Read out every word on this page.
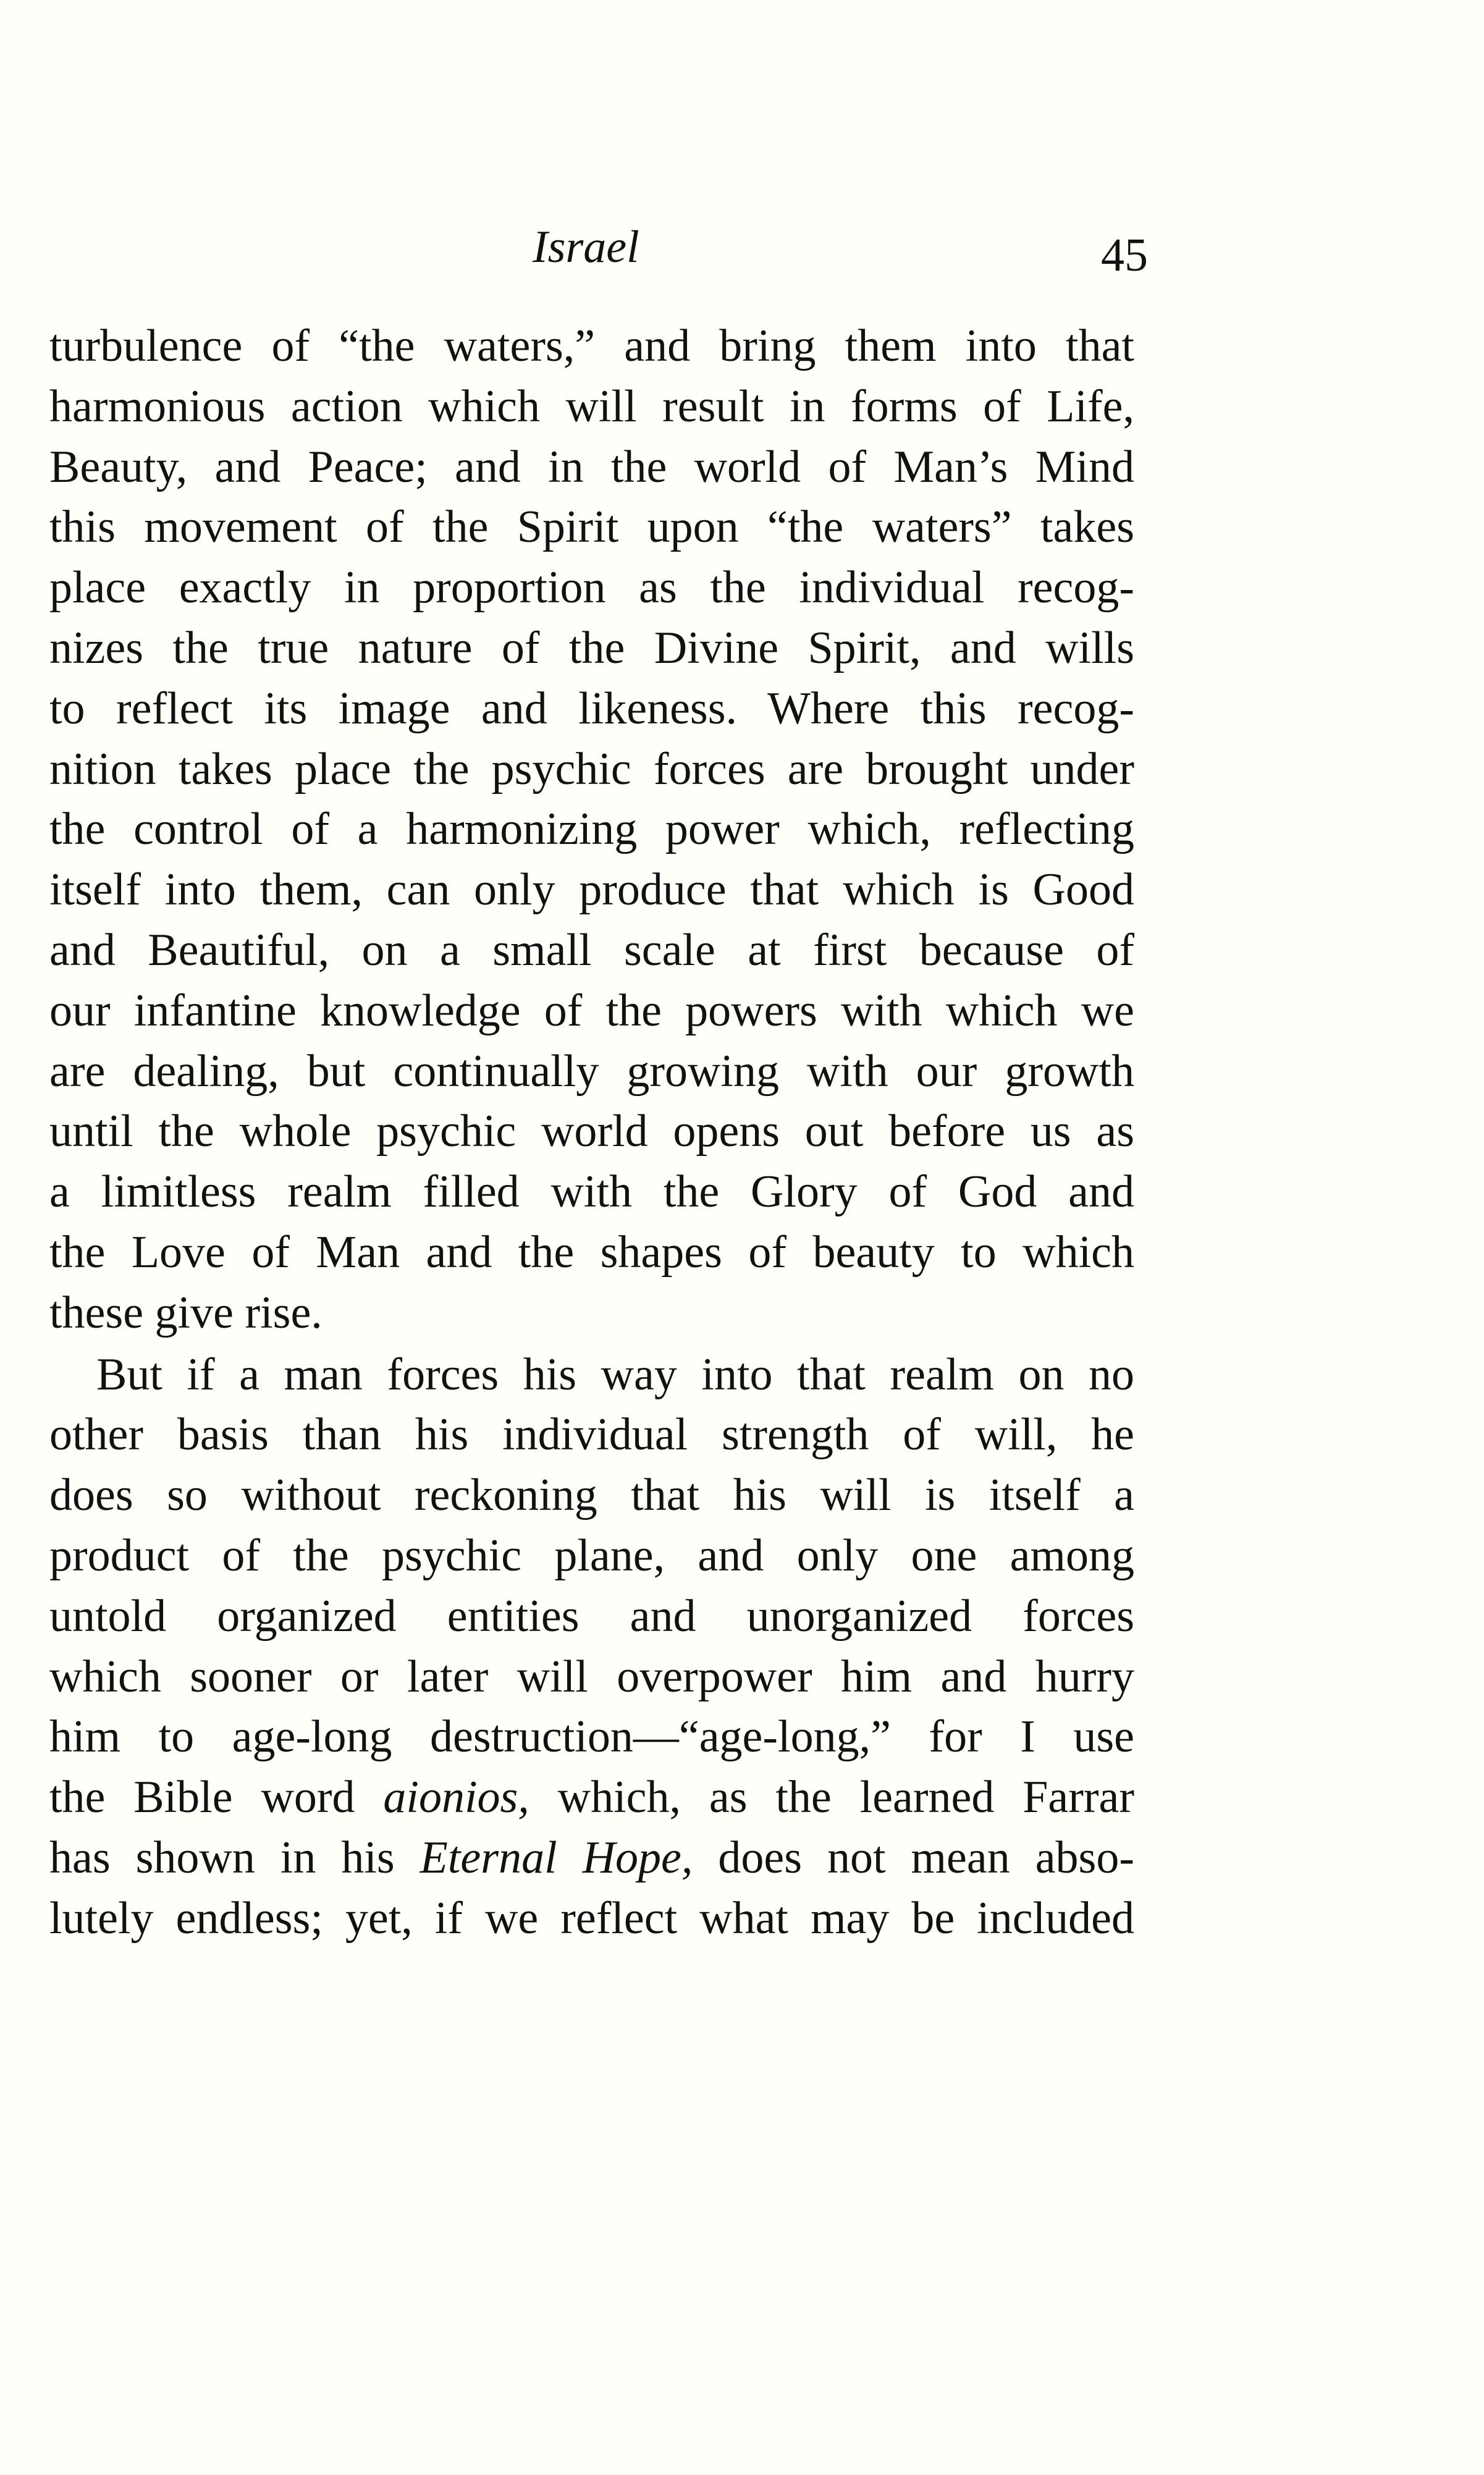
Israel	45
turbulence of “the waters,” and bring them into that
harmonious action which will result in forms of Life,
Beauty, and Peace; and in the world of Man’s Mind
this movement of the Spirit upon “the waters” takes
place exactly in proportion as the individual recog-
nizes the true nature of the Divine Spirit, and wills
to reflect its image and likeness. Where this recog-
nition takes place the psychic forces are brought under
the control of a harmonizing power which, reflecting
itself into them, can only produce that which is Good
and Beautiful, on a small scale at first because of
our infantine knowledge of the powers with which we
are dealing, but continually growing with our growth
until the whole psychic world opens out before us as
a limitless realm filled with the Glory of God and
the Love of Man and the shapes of beauty to which
these give rise.
But if a man forces his way into that realm on no
other basis than his individual strength of will, he
does so without reckoning that his will is itself a
product of the psychic plane, and only one among
untold organized entities and unorganized forces
which sooner or later will overpower him and hurry
him to age-long destruction—“age-long,” for I use
the Bible word aionios, which, as the learned Farrar
has shown in his Eternal Hope, does not mean abso-
lutely endless; yet, if we reflect what may be included
